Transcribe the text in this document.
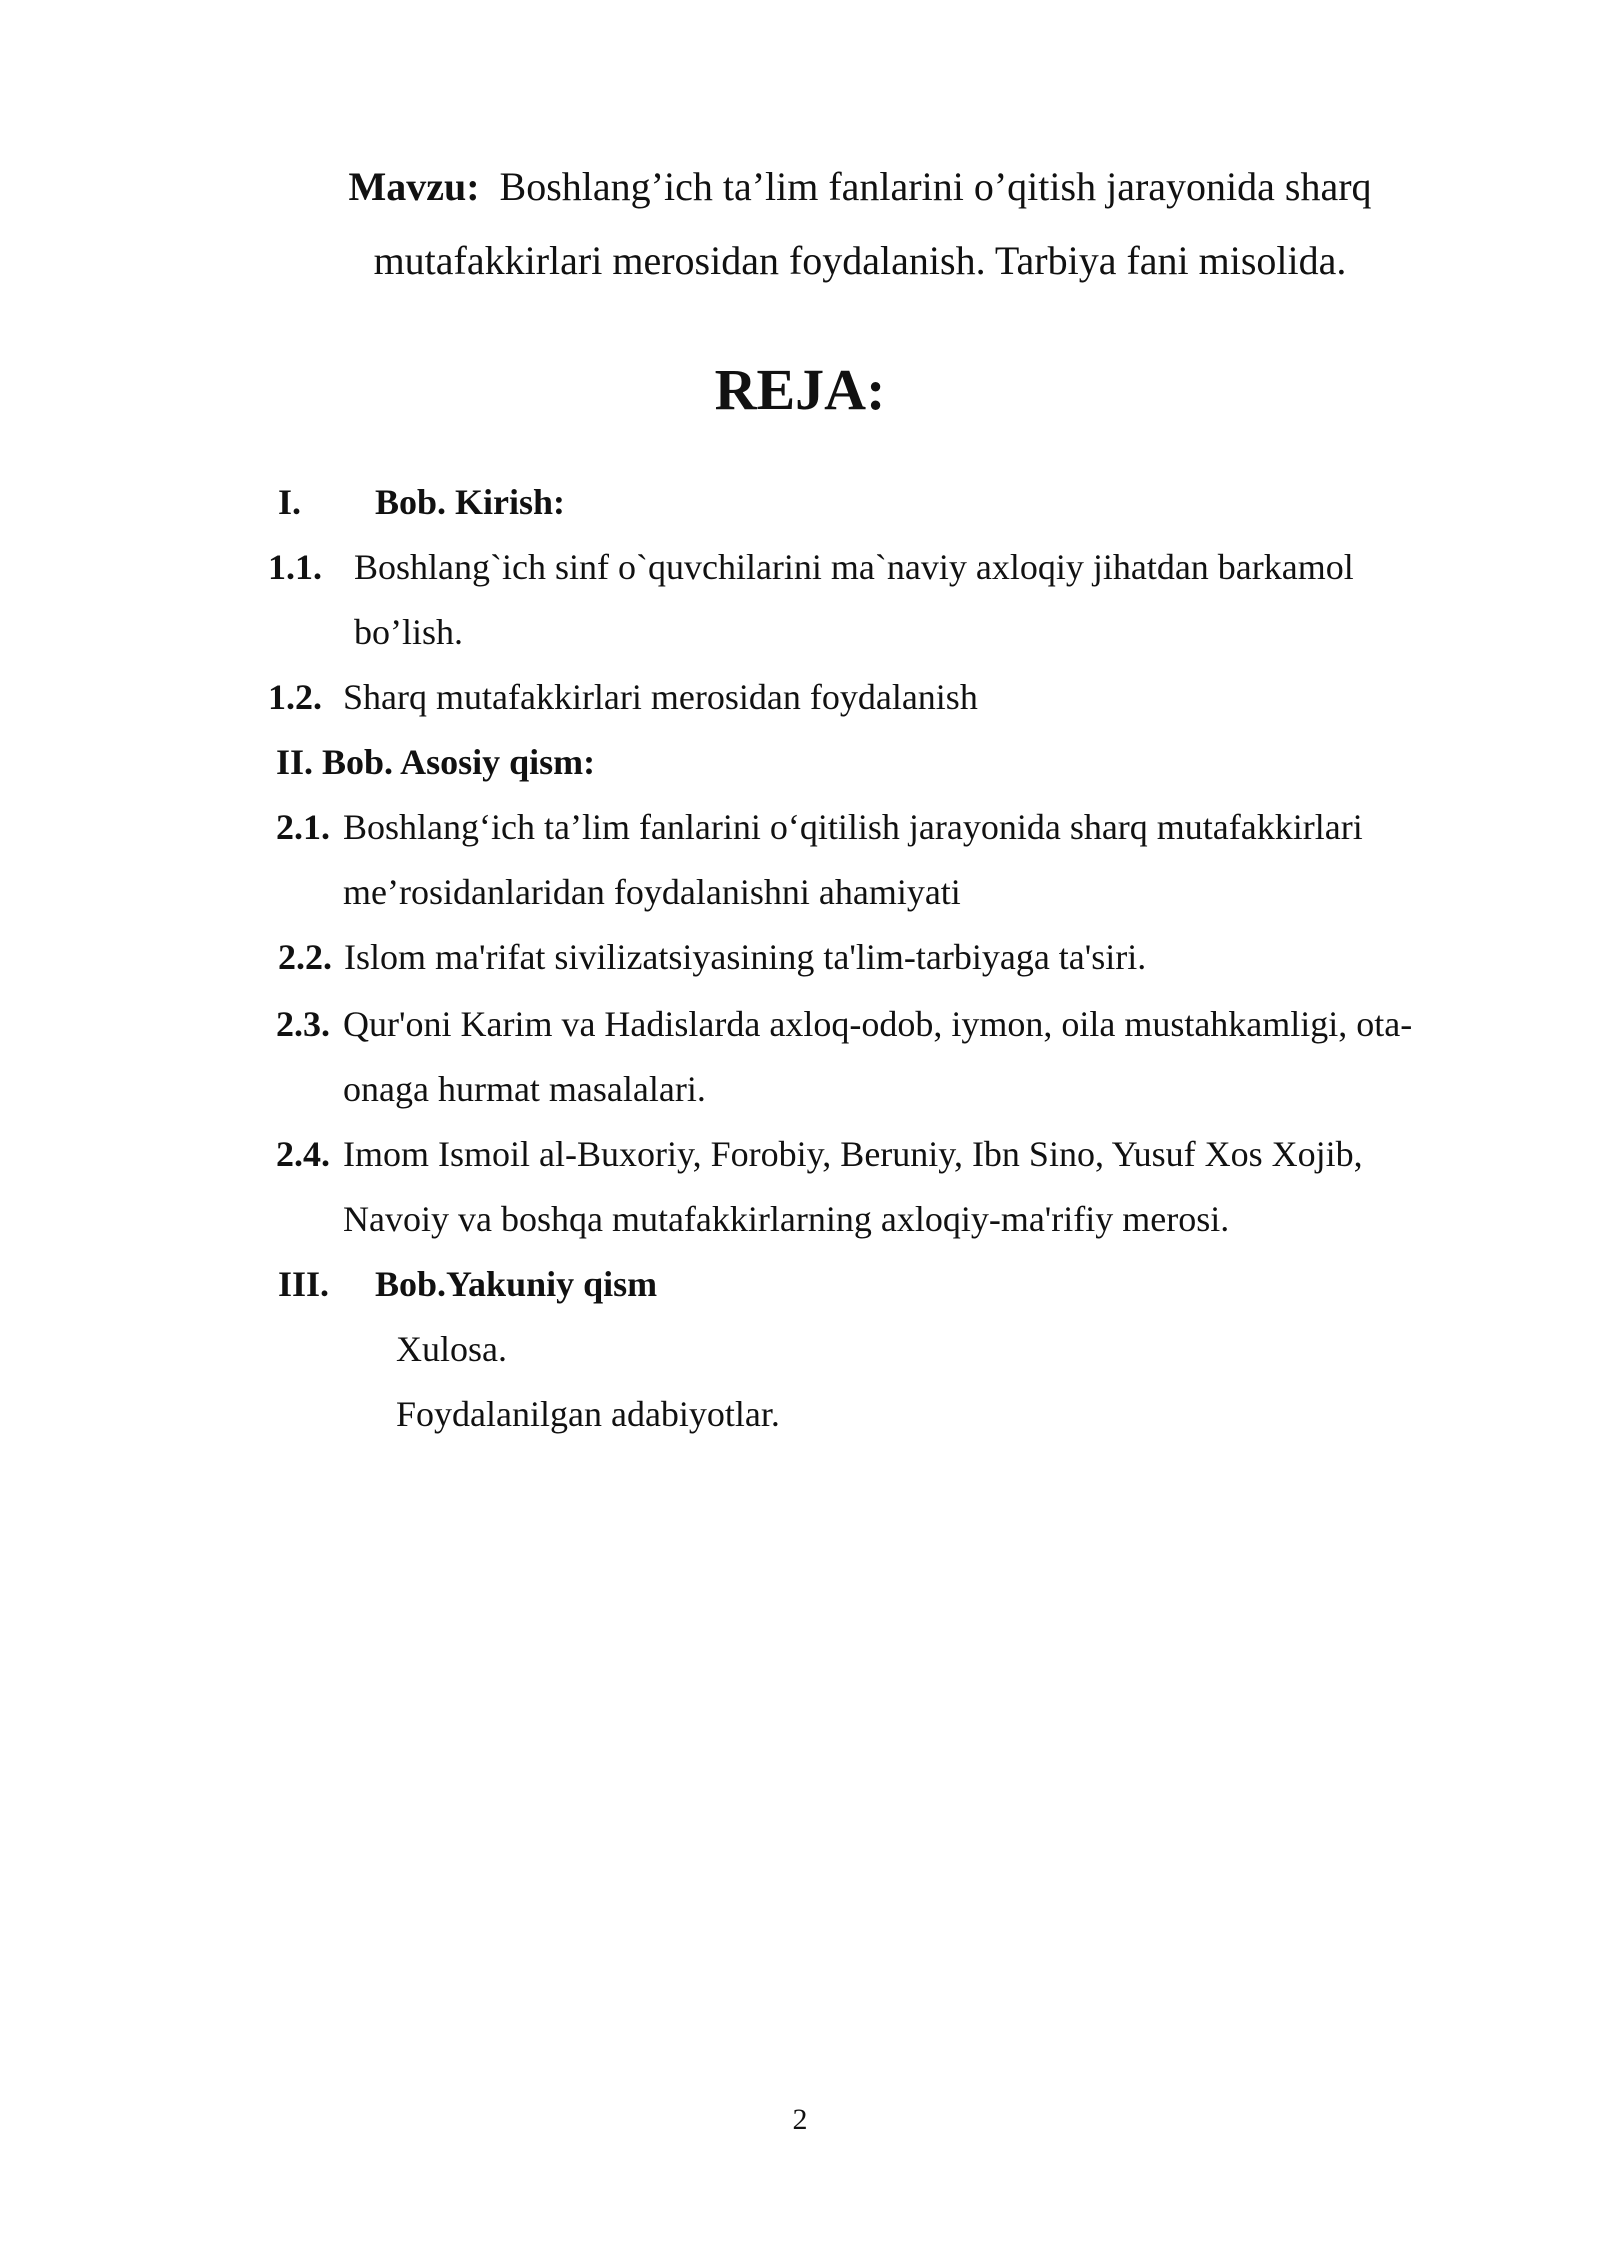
Mavzu: Boshlang’ich ta’lim fanlarini o’qitish jarayonida sharq mutafakkirlari merosidan foydalanish. Tarbiya fani misolida.
REJA:
I. Bob. Kirish:
1.1. Boshlang`ich sinf o`quvchilarini ma`naviy axloqiy jihatdan barkamol
bo’lish.
1.2. Sharq mutafakkirlari merosidan foydalanish
II. Bob. Asosiy qism:
2.1. Boshlang‘ich ta’lim fanlarini o‘qitilish jarayonida sharq mutafakkirlari
me’rosidanlaridan foydalanishni ahamiyati
2.2. Islom ma'rifat sivilizatsiyasining ta'lim-tarbiyaga ta'siri.
2.3. Qur'oni Karim va Hadislarda axloq-odob, iymon, oila mustahkamligi, ota-
onaga hurmat masalalari.
2.4. Imom Ismoil al-Buxoriy, Forobiy, Beruniy, Ibn Sino, Yusuf Xos Xojib,
Navoiy va boshqa mutafakkirlarning axloqiy-ma'rifiy merosi.
III. Bob.Yakuniy qism
Xulosa.
Foydalanilgan adabiyotlar.
2
